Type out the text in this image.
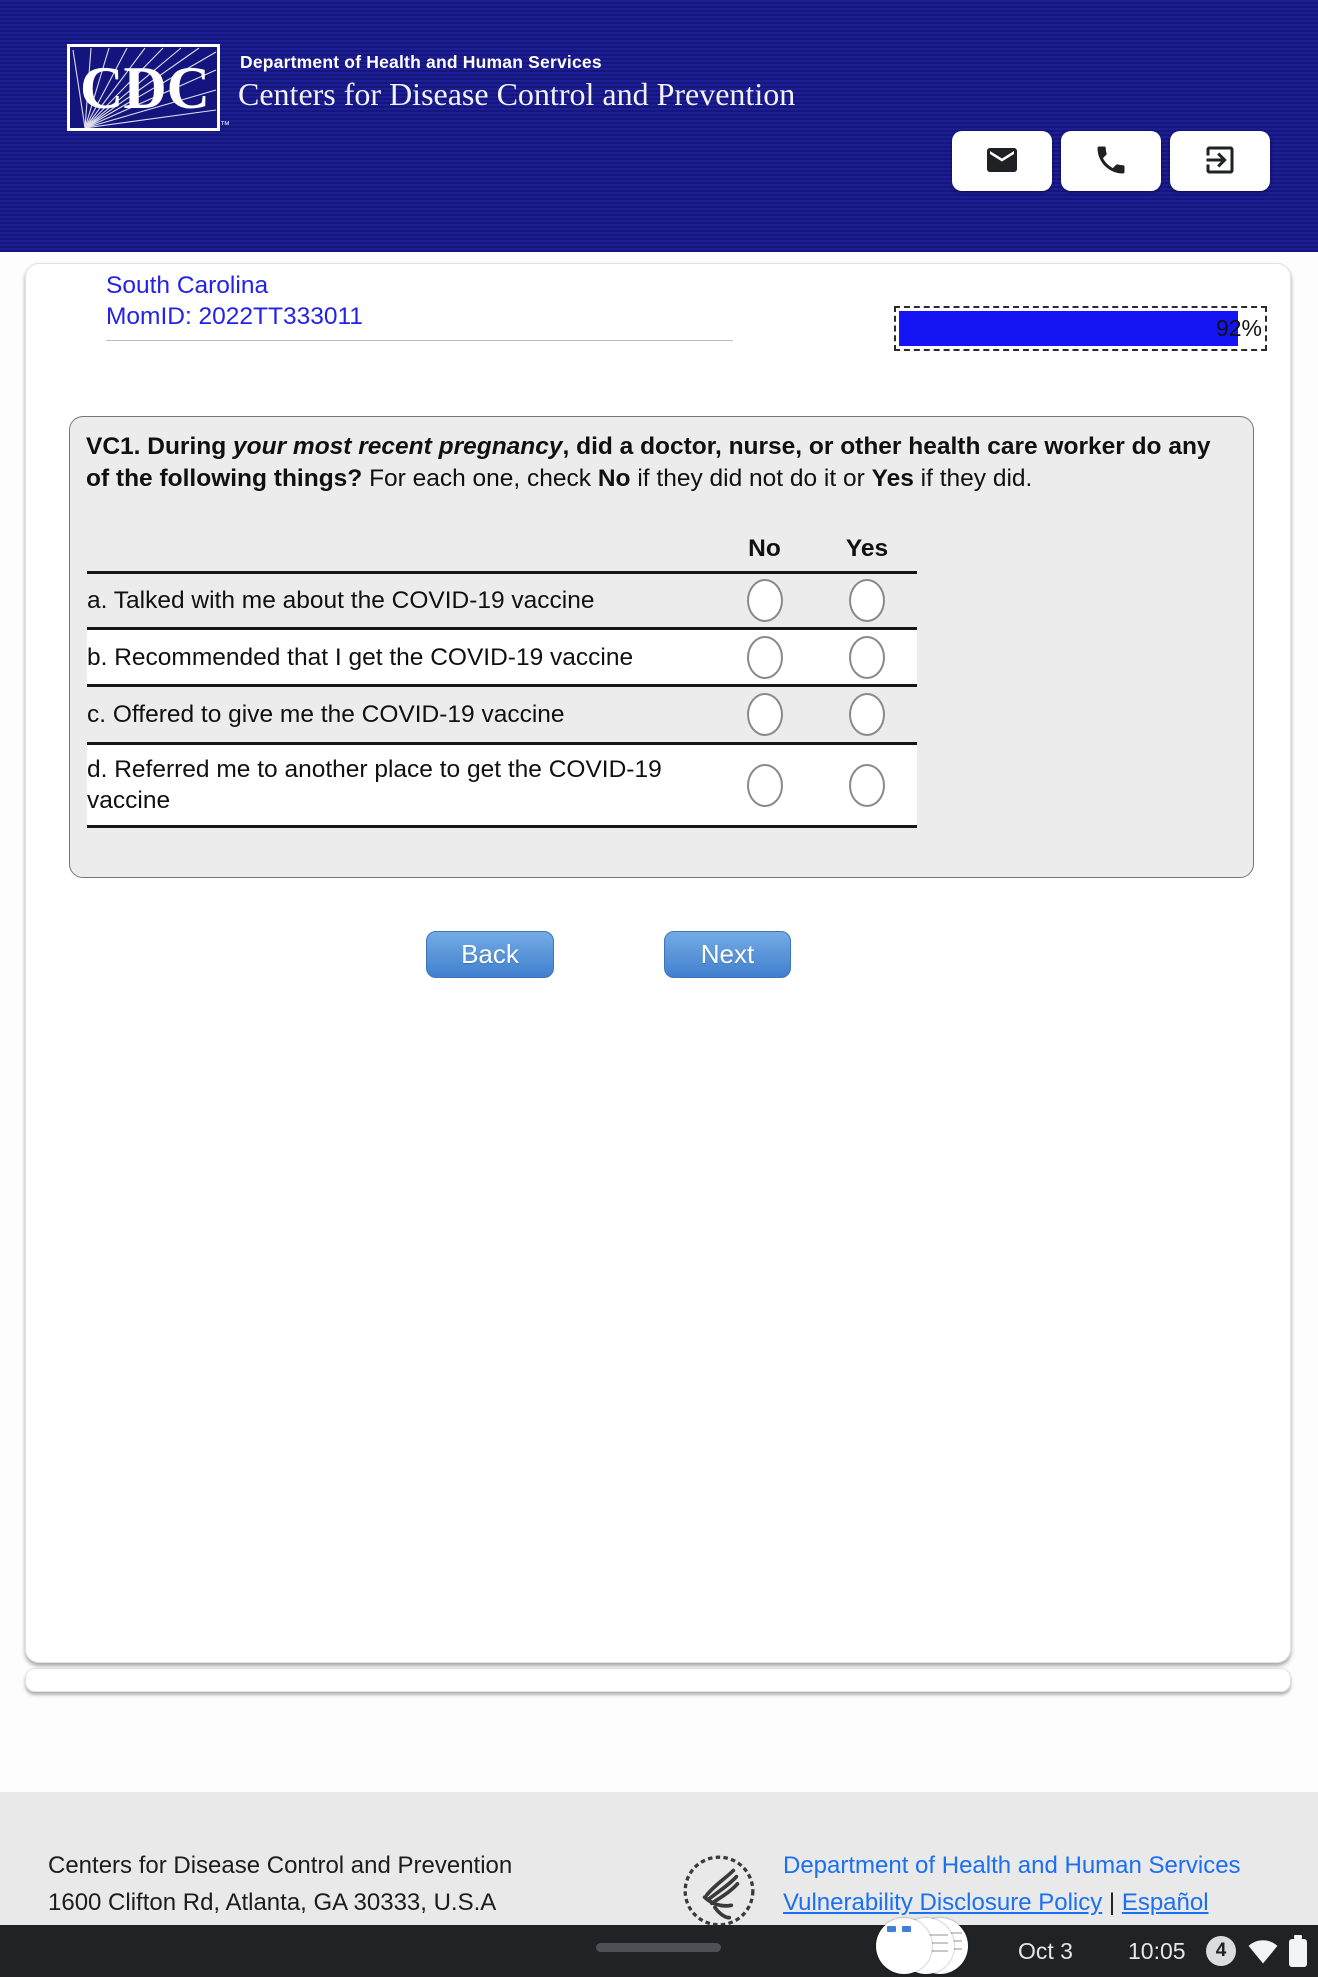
CDC
™
Department of Health and Human Services
Centers for Disease Control and Prevention
South Carolina
MomID: 2022TT333011	92%
VC1. During your most recent pregnancy, did a doctor, nurse, or other health care worker do any of the following things? For each one, check No if they did not do it or Yes if they did.
No	Yes
a. Talked with me about the COVID-19 vaccine
b. Recommended that I get the COVID-19 vaccine
c. Offered to give me the COVID-19 vaccine
d. Referred me to another place to get the COVID-19 vaccine
Back	Next
Centers for Disease Control and Prevention
1600 Clifton Rd, Atlanta, GA 30333, U.S.A
Department of Health and Human Services
Vulnerability Disclosure Policy | Español
Oct 3 10:05	4
